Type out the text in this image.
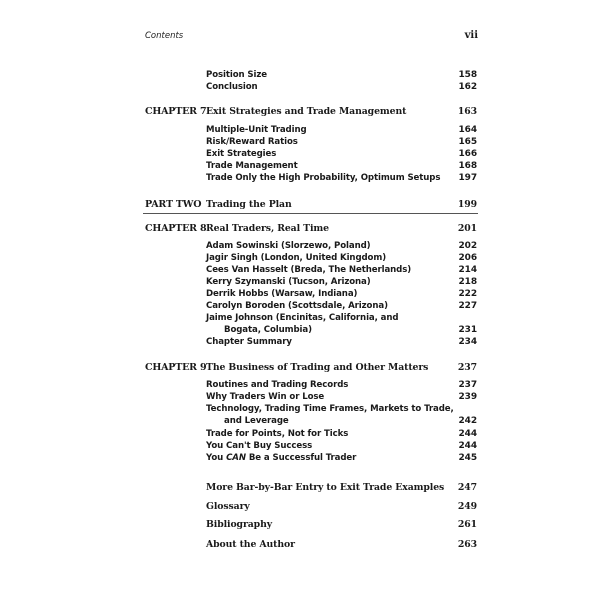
Contents	vii
Position Size	158
Conclusion	162
CHAPTER 7 Exit Strategies and Trade Management	163
Multiple-Unit Trading	164
Risk/Reward Ratios	165
Exit Strategies	166
Trade Management	168
Trade Only the High Probability, Optimum Setups 197
PART TWO Trading the Plan	199
CHAPTER 8 Real Traders, Real Time	201
Adam Sowinski (Slorzewo, Poland)	202
Jagir Singh (London, United Kingdom)	206
Cees Van Hasselt (Breda, The Netherlands)	214
Kerry Szymanski (Tucson, Arizona)	218
Derrik Hobbs (Warsaw, Indiana)	222
Carolyn Boroden (Scottsdale, Arizona)	227
Jaime Johnson (Encinitas, California, and
Bogata, Columbia)	231
Chapter Summary	234
CHAPTER 9 The Business of Trading and Other Matters	237
Routines and Trading Records	237
Why Traders Win or Lose	239
Technology, Trading Time Frames, Markets to Trade,
and Leverage	242
Trade for Points, Not for Ticks	244
You Can't Buy Success	244
You CAN Be a Successful Trader	245
More Bar-by-Bar Entry to Exit Trade Examples 247
Glossary	249
Bibliography	261
About the Author	263
